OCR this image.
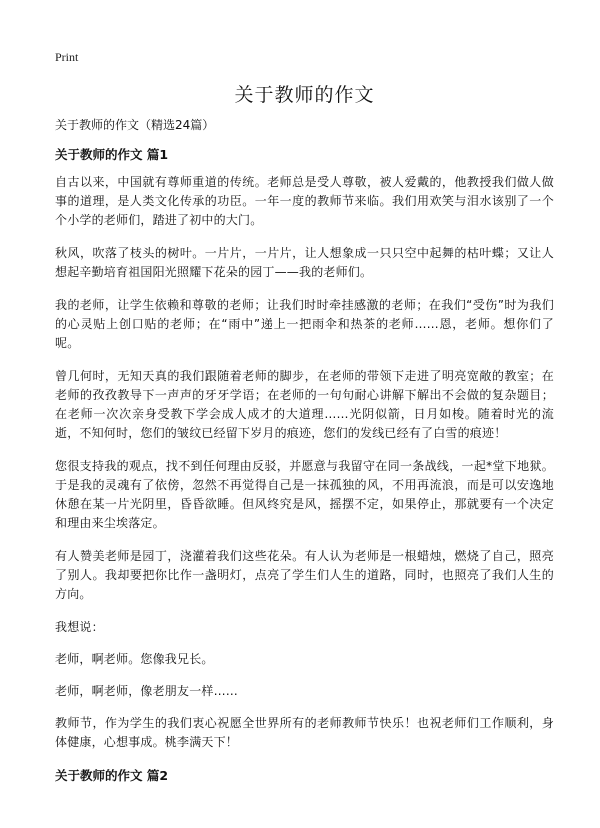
Print
关于教师的作文
关于教师的作文（精选24篇）
关于教师的作文 篇1

自古以来，中国就有尊师重道的传统。老师总是受人尊敬，被人爱戴的，他教授我们做人做事的道理，是人类文化传承的功臣。一年一度的教师节来临。我们用欢笑与泪水该别了一个个小学的老师们，踏进了初中的大门。

秋风，吹落了枝头的树叶。一片片，一片片，让人想象成一只只空中起舞的枯叶蝶；又让人想起辛勤培育祖国阳光照耀下花朵的园丁——我的老师们。

我的老师，让学生依赖和尊敬的老师；让我们时时牵挂感激的老师；在我们“受伤”时为我们的心灵贴上创口贴的老师；在“雨中”递上一把雨伞和热茶的老师……恩，老师。想你们了呢。

曾几何时，无知天真的我们跟随着老师的脚步，在老师的带领下走进了明亮宽敞的教室；在老师的孜孜教导下一声声的牙牙学语；在老师的一句句耐心讲解下解出不会做的复杂题目；在老师一次次亲身受教下学会成人成才的大道理……光阴似箭，日月如梭。随着时光的流逝，不知何时，您们的皱纹已经留下岁月的痕迹，您们的发线已经有了白雪的痕迹！

您很支持我的观点，找不到任何理由反驳，并愿意与我留守在同一条战线，一起*堂下地狱。于是我的灵魂有了依傍，忽然不再觉得自己是一抹孤独的风，不用再流浪，而是可以安逸地休憩在某一片光阴里，昏昏欲睡。但风终究是风，摇摆不定，如果停止，那就要有一个决定和理由来尘埃落定。

有人赞美老师是园丁，浇灌着我们这些花朵。有人认为老师是一根蜡烛，燃烧了自己，照亮了别人。我却要把你比作一盏明灯，点亮了学生们人生的道路，同时，也照亮了我们人生的方向。

我想说：

老师，啊老师。您像我兄长。

老师，啊老师，像老朋友一样……

教师节，作为学生的我们衷心祝愿全世界所有的老师教师节快乐！也祝老师们工作顺利，身体健康，心想事成。桃李满天下！

关于教师的作文 篇2
